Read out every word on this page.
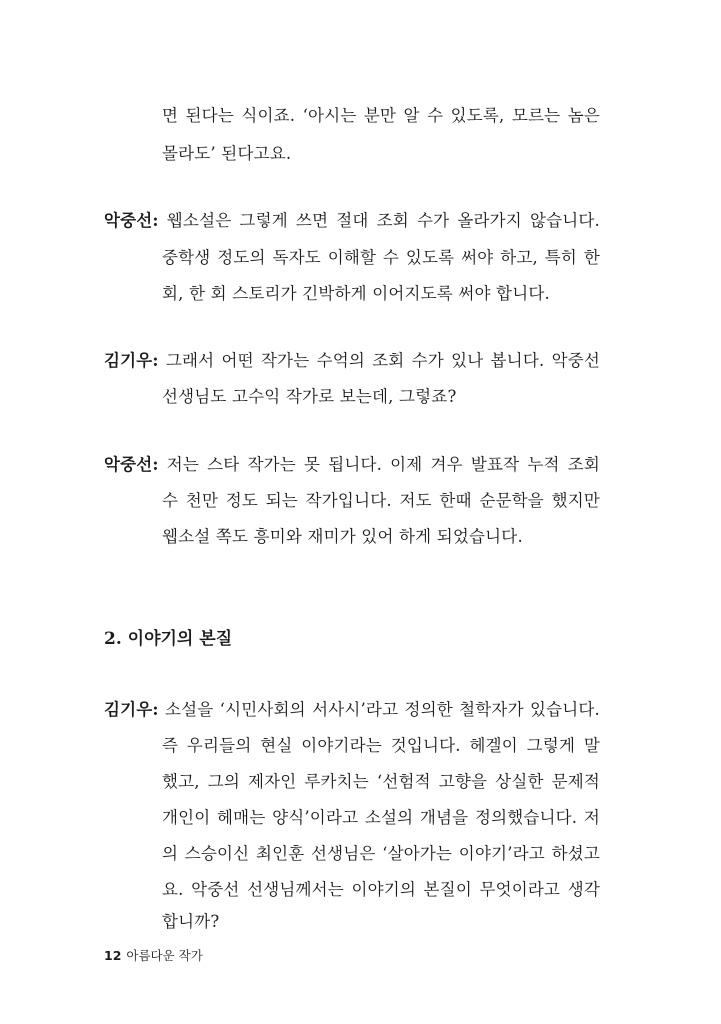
면 된다는 식이죠. ‘아시는 분만 알 수 있도록, 모르는 놈은
몰라도’ 된다고요.
악중선: 웹소설은 그렇게 쓰면 절대 조회 수가 올라가지 않습니다.
중학생 정도의 독자도 이해할 수 있도록 써야 하고, 특히 한
회, 한 회 스토리가 긴박하게 이어지도록 써야 합니다.
김기우: 그래서 어떤 작가는 수억의 조회 수가 있나 봅니다. 악중선
선생님도 고수익 작가로 보는데, 그렇죠?
악중선: 저는 스타 작가는 못 됩니다. 이제 겨우 발표작 누적 조회
수 천만 정도 되는 작가입니다. 저도 한때 순문학을 했지만
웹소설 쪽도 흥미와 재미가 있어 하게 되었습니다.
2. 이야기의 본질
김기우: 소설을 ‘시민사회의 서사시’라고 정의한 철학자가 있습니다.
즉 우리들의 현실 이야기라는 것입니다. 헤겔이 그렇게 말
했고, 그의 제자인 루카치는 ‘선험적 고향을 상실한 문제적
개인이 헤매는 양식’이라고 소설의 개념을 정의했습니다. 저
의 스승이신 최인훈 선생님은 ‘살아가는 이야기’라고 하셨고
요. 악중선 선생님께서는 이야기의 본질이 무엇이라고 생각
합니까?
12 아름다운 작가
